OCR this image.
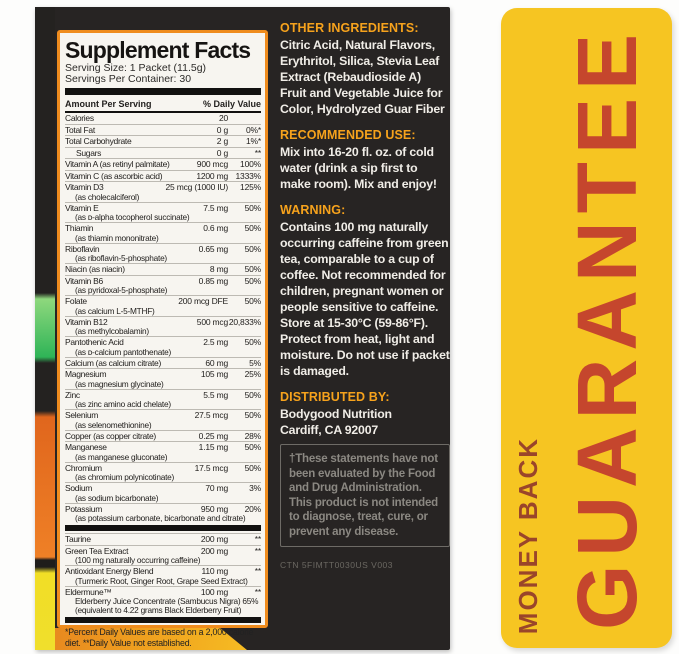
Supplement Facts
Serving Size: 1 Packet (11.5g)
Servings Per Container: 30
Amount Per Serving	% Daily Value
Calories	20
Total Fat	0 g	0%*
Total Carbohydrate	2 g	1%*
Sugars	0 g	**
Vitamin A (as retinyl palmitate)	900 mcg	100%
Vitamin C (as ascorbic acid)	1200 mg 1333%
Vitamin D3	25 mcg (1000 IU)	125%
(as cholecalciferol)
Vitamin E	7.5 mg	50%
(as ᴅ-alpha tocopherol succinate)
Thiamin	0.6 mg	50%
(as thiamin mononitrate)
Riboflavin	0.65 mg	50%
(as riboflavin-5-phosphate)
Niacin (as niacin)	8 mg	50%
Vitamin B6	0.85 mg	50%
(as pyridoxal-5-phosphate)
Folate	200 mcg DFE	50%
(as calcium L-5-MTHF)
Vitamin B12	500 mcg 20,833%
(as methylcobalamin)
Pantothenic Acid	2.5 mg	50%
(as ᴅ-calcium pantothenate)
Calcium (as calcium citrate)	60 mg	5%
Magnesium	105 mg	25%
(as magnesium glycinate)
Zinc	5.5 mg	50%
(as zinc amino acid chelate)
Selenium	27.5 mcg	50%
(as selenomethionine)
Copper (as copper citrate)	0.25 mg	28%
Manganese	1.15 mg	50%
(as manganese gluconate)
Chromium	17.5 mcg	50%
(as chromium polynicotinate)
Sodium	70 mg	3%
(as sodium bicarbonate)
Potassium	950 mg	20%
(as potassium carbonate, bicarbonate and citrate)
Taurine	200 mg	**
Green Tea Extract	200 mg	**
(100 mg naturally occurring caffeine)
Antioxidant Energy Blend	110 mg	**
(Turmeric Root, Ginger Root, Grape Seed Extract)
Eldermune™	100 mg	**
Elderberry Juice Concentrate (Sambucus Nigra) 65%
(equivalent to 4.22 grams Black Elderberry Fruit)
*Percent Daily Values are based on a 2,000 calorie diet. **Daily Value not established.
OTHER INGREDIENTS:
Citric Acid, Natural Flavors, Erythritol, Silica, Stevia Leaf Extract (Rebaudioside A) Fruit and Vegetable Juice for Color, Hydrolyzed Guar Fiber
RECOMMENDED USE:
Mix into 16-20 fl. oz. of cold water (drink a sip first to make room). Mix and enjoy!
WARNING:
Contains 100 mg naturally occurring caffeine from green tea, comparable to a cup of coffee. Not recommended for children, pregnant women or people sensitive to caffeine. Store at 15-30°C (59-86°F). Protect from heat, light and moisture. Do not use if packet is damaged.
DISTRIBUTED BY:
Bodygood Nutrition
Cardiff, CA 92007
†These statements have not been evaluated by the Food and Drug Administration. This product is not intended to diagnose, treat, cure, or prevent any disease.
CTN 5FIMTT0030US V003	MONEY BACK GUARANTEE
